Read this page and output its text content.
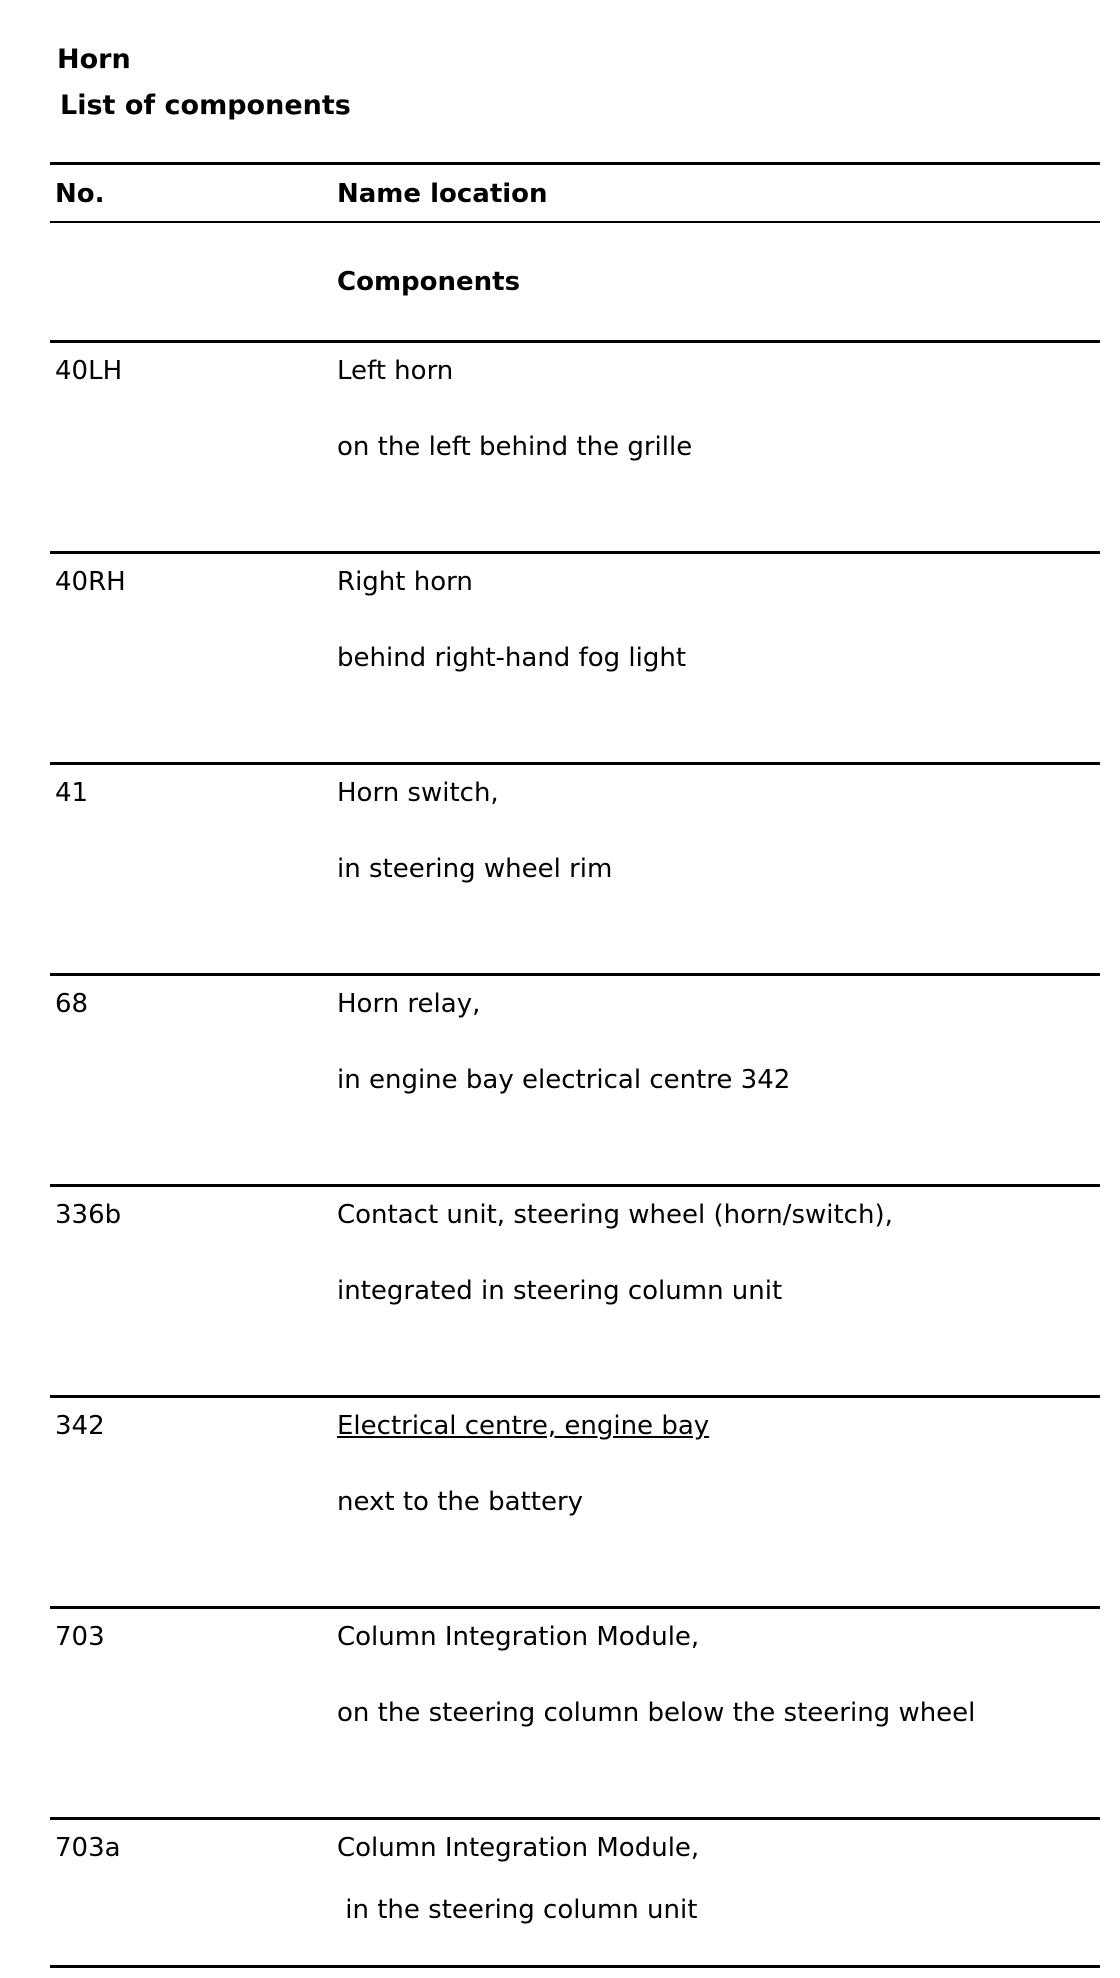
Horn
List of components
No.	Name location
Components
40LH	Left horn
on the left behind the grille
40RH	Right horn
behind right-hand fog light
41	Horn switch,
in steering wheel rim
68	Horn relay,
in engine bay electrical centre 342
336b	Contact unit, steering wheel (horn/switch),
integrated in steering column unit
342	Electrical centre, engine bay
next to the battery
703	Column Integration Module,
on the steering column below the steering wheel
703a	Column Integration Module,
in the steering column unit
